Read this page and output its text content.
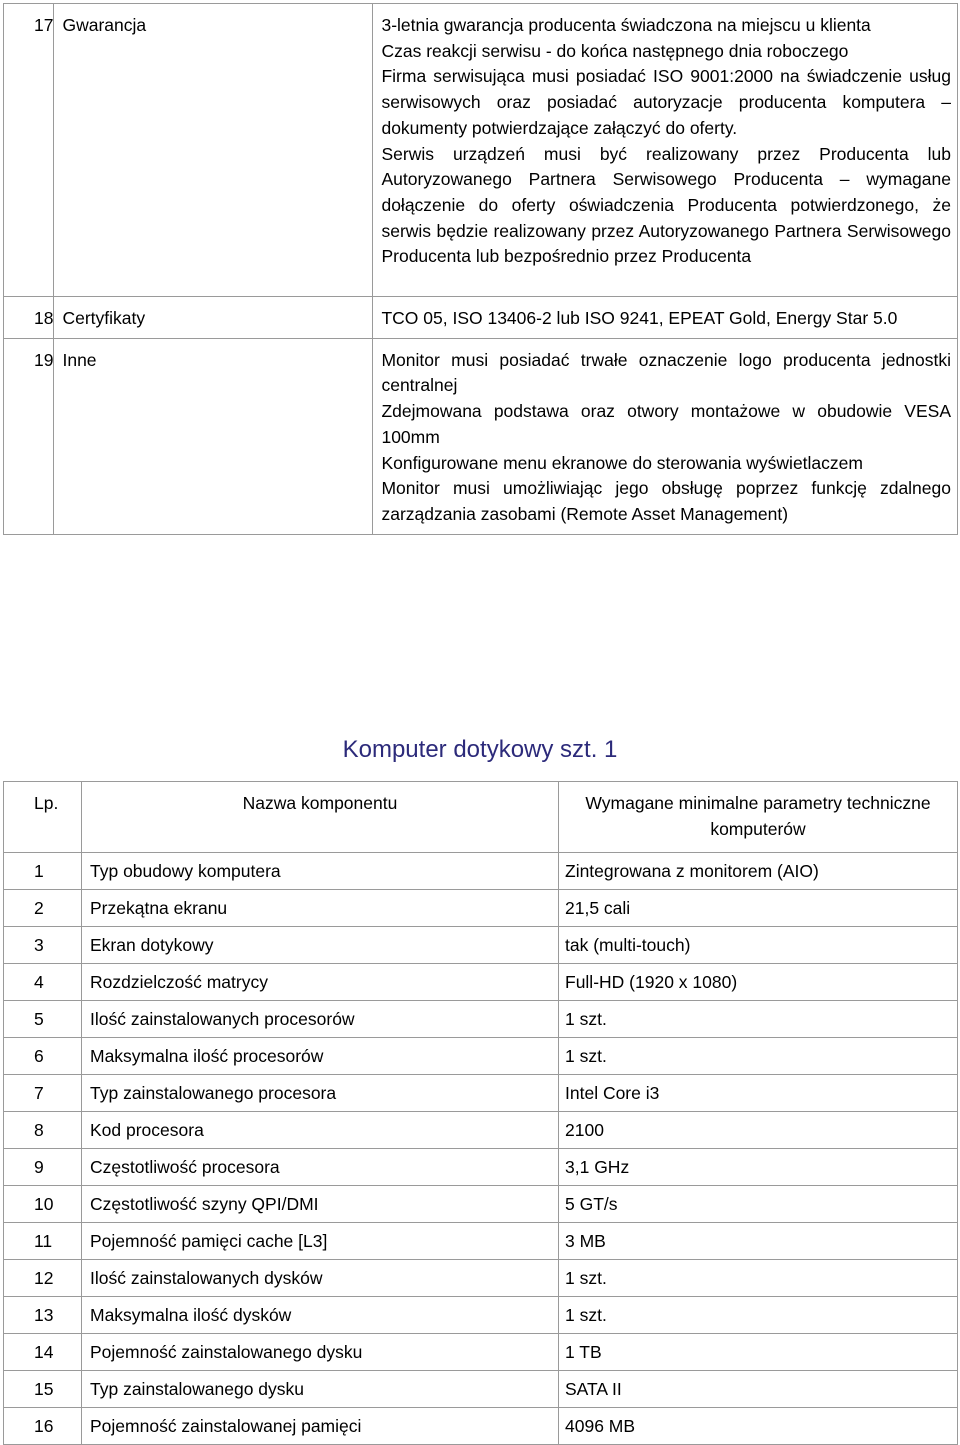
17	Gwarancja	3-letnia gwarancja producenta świadczona na miejscu u klienta
Czas reakcji serwisu - do końca następnego dnia roboczego
Firma serwisująca musi posiadać ISO 9001:2000 na świadczenie usług serwisowych oraz posiadać autoryzacje producenta komputera – dokumenty potwierdzające załączyć do oferty.
Serwis urządzeń musi być realizowany przez Producenta lub Autoryzowanego Partnera Serwisowego Producenta – wymagane dołączenie do oferty oświadczenia Producenta potwierdzonego, że serwis będzie realizowany przez Autoryzowanego Partnera Serwisowego Producenta lub bezpośrednio przez Producenta

18	Certyfikaty	TCO 05, ISO 13406-2 lub ISO 9241, EPEAT Gold, Energy Star 5.0

19	Inne	Monitor musi posiadać trwałe oznaczenie logo producenta jednostki centralnej
Zdejmowana podstawa oraz otwory montażowe w obudowie VESA 100mm
Konfigurowane menu ekranowe do sterowania wyświetlaczem
Monitor musi umożliwiając jego obsługę poprzez funkcję zdalnego zarządzania zasobami (Remote Asset Management)
Komputer dotykowy szt. 1
Lp.	Nazwa komponentu	Wymagane minimalne parametry techniczne komputerów
1	Typ obudowy komputera	Zintegrowana z monitorem (AIO)
2	Przekątna ekranu	21,5 cali
3	Ekran dotykowy	tak (multi-touch)
4	Rozdzielczość matrycy	Full-HD (1920 x 1080)
5	Ilość zainstalowanych procesorów	1 szt.
6	Maksymalna ilość procesorów	1 szt.
7	Typ zainstalowanego procesora	Intel Core i3
8	Kod procesora	2100
9	Częstotliwość procesora	3,1 GHz
10	Częstotliwość szyny QPI/DMI	5 GT/s
11	Pojemność pamięci cache [L3]	3 MB
12	Ilość zainstalowanych dysków	1 szt.
13	Maksymalna ilość dysków	1 szt.
14	Pojemność zainstalowanego dysku	1 TB
15	Typ zainstalowanego dysku	SATA II
16	Pojemność zainstalowanej pamięci	4096 MB
